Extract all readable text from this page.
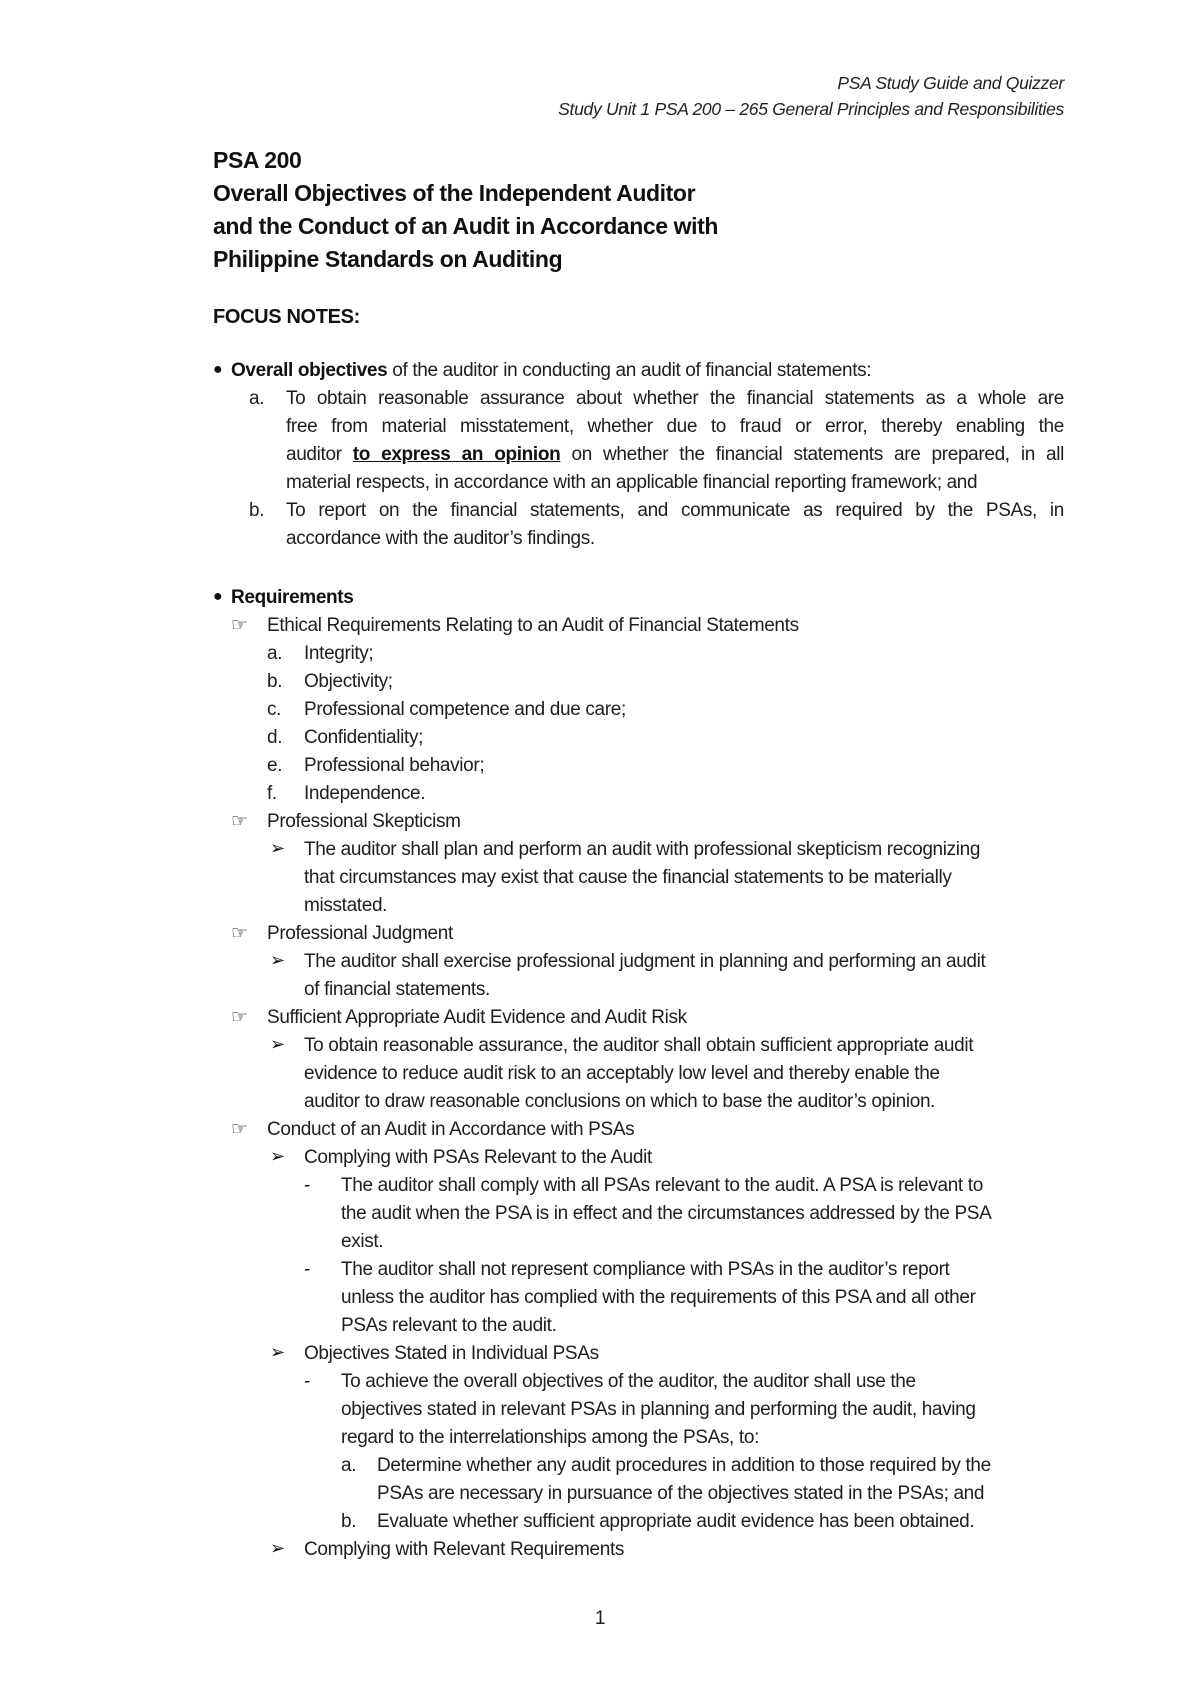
PSA Study Guide and Quizzer
Study Unit 1 PSA 200 – 265 General Principles and Responsibilities
PSA 200
Overall Objectives of the Independent Auditor
and the Conduct of an Audit in Accordance with
Philippine Standards on Auditing
FOCUS NOTES:
● Overall objectives of the auditor in conducting an audit of financial statements:
a. To obtain reasonable assurance about whether the financial statements as a whole are
free from material misstatement, whether due to fraud or error, thereby enabling the
auditor to express an opinion on whether the financial statements are prepared, in all
material respects, in accordance with an applicable financial reporting framework; and
b. To report on the financial statements, and communicate as required by the PSAs, in
accordance with the auditor’s findings.
● Requirements
☞ Ethical Requirements Relating to an Audit of Financial Statements
a. Integrity;
b. Objectivity;
c. Professional competence and due care;
d. Confidentiality;
e. Professional behavior;
f. Independence.
☞ Professional Skepticism
➢ The auditor shall plan and perform an audit with professional skepticism recognizing
that circumstances may exist that cause the financial statements to be materially
misstated.
☞ Professional Judgment
➢ The auditor shall exercise professional judgment in planning and performing an audit
of financial statements.
☞ Sufficient Appropriate Audit Evidence and Audit Risk
➢ To obtain reasonable assurance, the auditor shall obtain sufficient appropriate audit
evidence to reduce audit risk to an acceptably low level and thereby enable the
auditor to draw reasonable conclusions on which to base the auditor’s opinion.
☞ Conduct of an Audit in Accordance with PSAs
➢ Complying with PSAs Relevant to the Audit
- The auditor shall comply with all PSAs relevant to the audit. A PSA is relevant to
the audit when the PSA is in effect and the circumstances addressed by the PSA
exist.
- The auditor shall not represent compliance with PSAs in the auditor’s report
unless the auditor has complied with the requirements of this PSA and all other
PSAs relevant to the audit.
➢ Objectives Stated in Individual PSAs
- To achieve the overall objectives of the auditor, the auditor shall use the
objectives stated in relevant PSAs in planning and performing the audit, having
regard to the interrelationships among the PSAs, to:
a. Determine whether any audit procedures in addition to those required by the
PSAs are necessary in pursuance of the objectives stated in the PSAs; and
b. Evaluate whether sufficient appropriate audit evidence has been obtained.
➢ Complying with Relevant Requirements
1
